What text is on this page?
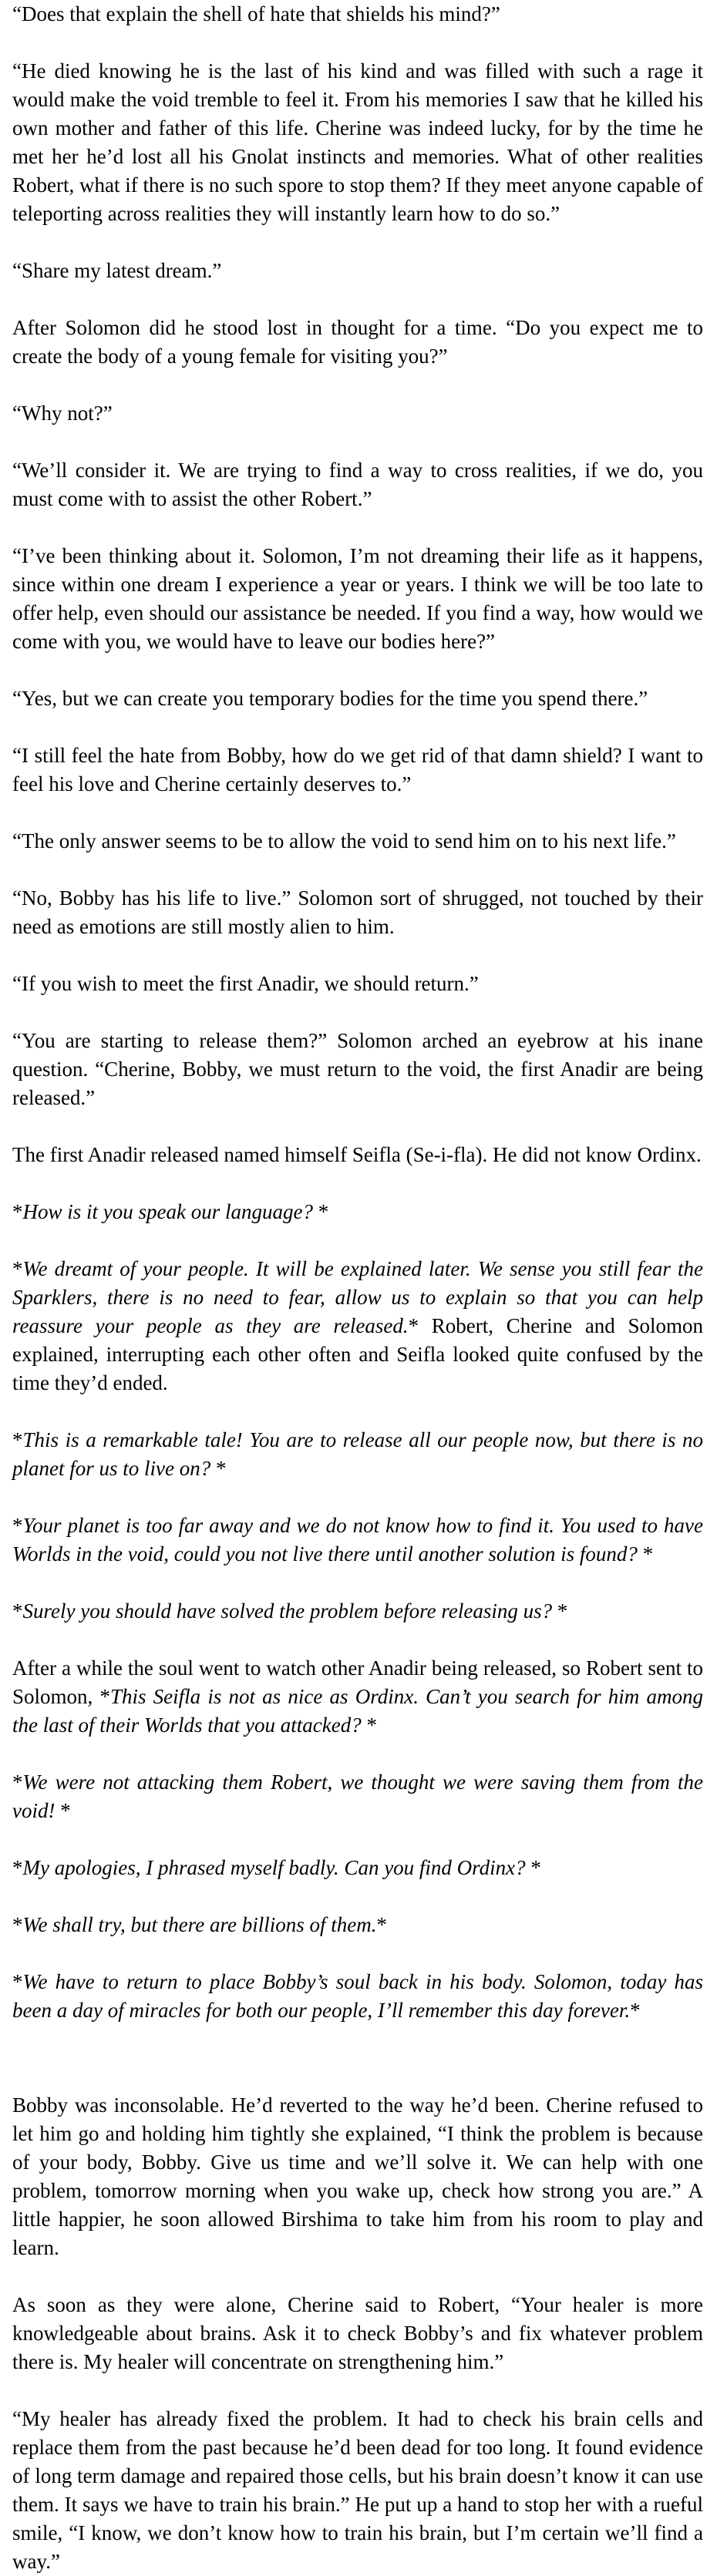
“Does that explain the shell of hate that shields his mind?”

“He died knowing he is the last of his kind and was filled with such a rage it would make the void tremble to feel it. From his memories I saw that he killed his own mother and father of this life. Cherine was indeed lucky, for by the time he met her he’d lost all his Gnolat instincts and memories. What of other realities Robert, what if there is no such spore to stop them? If they meet anyone capable of teleporting across realities they will instantly learn how to do so.”

“Share my latest dream.”

After Solomon did he stood lost in thought for a time. “Do you expect me to create the body of a young female for visiting you?”

“Why not?”

“We’ll consider it. We are trying to find a way to cross realities, if we do, you must come with to assist the other Robert.”

“I’ve been thinking about it. Solomon, I’m not dreaming their life as it happens, since within one dream I experience a year or years. I think we will be too late to offer help, even should our assistance be needed. If you find a way, how would we come with you, we would have to leave our bodies here?”

“Yes, but we can create you temporary bodies for the time you spend there.”

“I still feel the hate from Bobby, how do we get rid of that damn shield? I want to feel his love and Cherine certainly deserves to.”

“The only answer seems to be to allow the void to send him on to his next life.”

“No, Bobby has his life to live.” Solomon sort of shrugged, not touched by their need as emotions are still mostly alien to him.

“If you wish to meet the first Anadir, we should return.”

“You are starting to release them?” Solomon arched an eyebrow at his inane question. “Cherine, Bobby, we must return to the void, the first Anadir are being released.”

The first Anadir released named himself Seifla (Se-i-fla). He did not know Ordinx.

*How is it you speak our language? *

*We dreamt of your people. It will be explained later. We sense you still fear the Sparklers, there is no need to fear, allow us to explain so that you can help reassure your people as they are released.* Robert, Cherine and Solomon explained, interrupting each other often and Seifla looked quite confused by the time they’d ended.

*This is a remarkable tale! You are to release all our people now, but there is no planet for us to live on? *

*Your planet is too far away and we do not know how to find it. You used to have Worlds in the void, could you not live there until another solution is found? *

*Surely you should have solved the problem before releasing us? *

After a while the soul went to watch other Anadir being released, so Robert sent to Solomon, *This Seifla is not as nice as Ordinx. Can’t you search for him among the last of their Worlds that you attacked? *

*We were not attacking them Robert, we thought we were saving them from the void! *

*My apologies, I phrased myself badly. Can you find Ordinx? *

*We shall try, but there are billions of them.*

*We have to return to place Bobby’s soul back in his body. Solomon, today has been a day of miracles for both our people, I’ll remember this day forever.*

Bobby was inconsolable. He’d reverted to the way he’d been. Cherine refused to let him go and holding him tightly she explained, “I think the problem is because of your body, Bobby. Give us time and we’ll solve it. We can help with one problem, tomorrow morning when you wake up, check how strong you are.” A little happier, he soon allowed Birshima to take him from his room to play and learn.

As soon as they were alone, Cherine said to Robert, “Your healer is more knowledgeable about brains. Ask it to check Bobby’s and fix whatever problem there is. My healer will concentrate on strengthening him.”

“My healer has already fixed the problem. It had to check his brain cells and replace them from the past because he’d been dead for too long. It found evidence of long term damage and repaired those cells, but his brain doesn’t know it can use them. It says we have to train his brain.” He put up a hand to stop her with a rueful smile, “I know, we don’t know how to train his brain, but I’m certain we’ll find a way.”
